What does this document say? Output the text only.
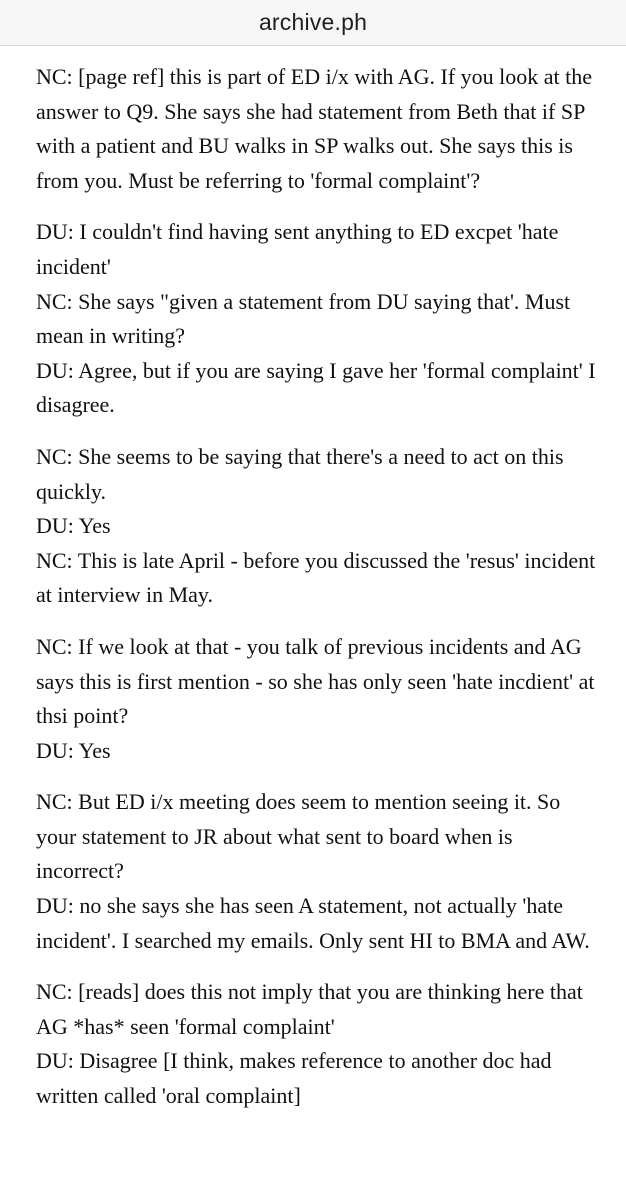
archive.ph

NC: [page ref] this is part of ED i/x with AG. If you look at the answer to Q9. She says she had statement from Beth that if SP with a patient and BU walks in SP walks out. She says this is from you. Must be referring to 'formal complaint'?

DU: I couldn't find having sent anything to ED excpet 'hate incident'
NC: She says "given a statement from DU saying that'. Must mean in writing?
DU: Agree, but if you are saying I gave her 'formal complaint' I disagree.

NC: She seems to be saying that there's a need to act on this quickly.
DU: Yes
NC: This is late April - before you discussed the 'resus' incident at interview in May.

NC: If we look at that - you talk of previous incidents and AG says this is first mention - so she has only seen 'hate incdient' at thsi point?
DU: Yes

NC: But ED i/x meeting does seem to mention seeing it. So your statement to JR about what sent to board when is incorrect?
DU: no she says she has seen A statement, not actually 'hate incident'. I searched my emails. Only sent HI to BMA and AW.

NC: [reads] does this not imply that you are thinking here that AG *has* seen 'formal complaint'
DU: Disagree [I think, makes reference to another doc had written called 'oral complaint]
